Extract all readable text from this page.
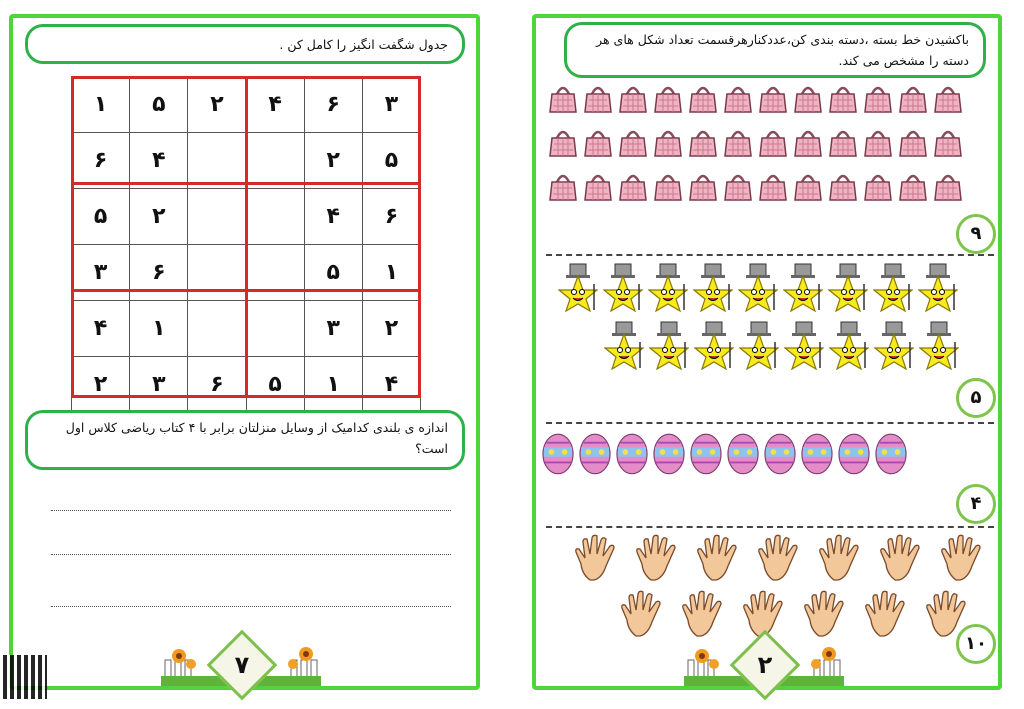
جدول شگفت انگیز را کامل کن .
۳	۶	۴	۲	۵	۱
۵	۲			۴	۶
۶	۴			۲	۵
۱	۵			۶	۳
۲	۳			۱	۴
۴	۱	۵	۶	۳	۲
اندازه ی بلندی کدامیک از وسایل منزلتان برابر با ۴ کتاب ریاضی کلاس اول است؟
۷
باکشیدن خط بسته ،دسته بندی کن،عددکنارهرقسمت تعداد شکل های هر دسته را مشخص می کند.
۹
۵
۴
۱۰
۲
